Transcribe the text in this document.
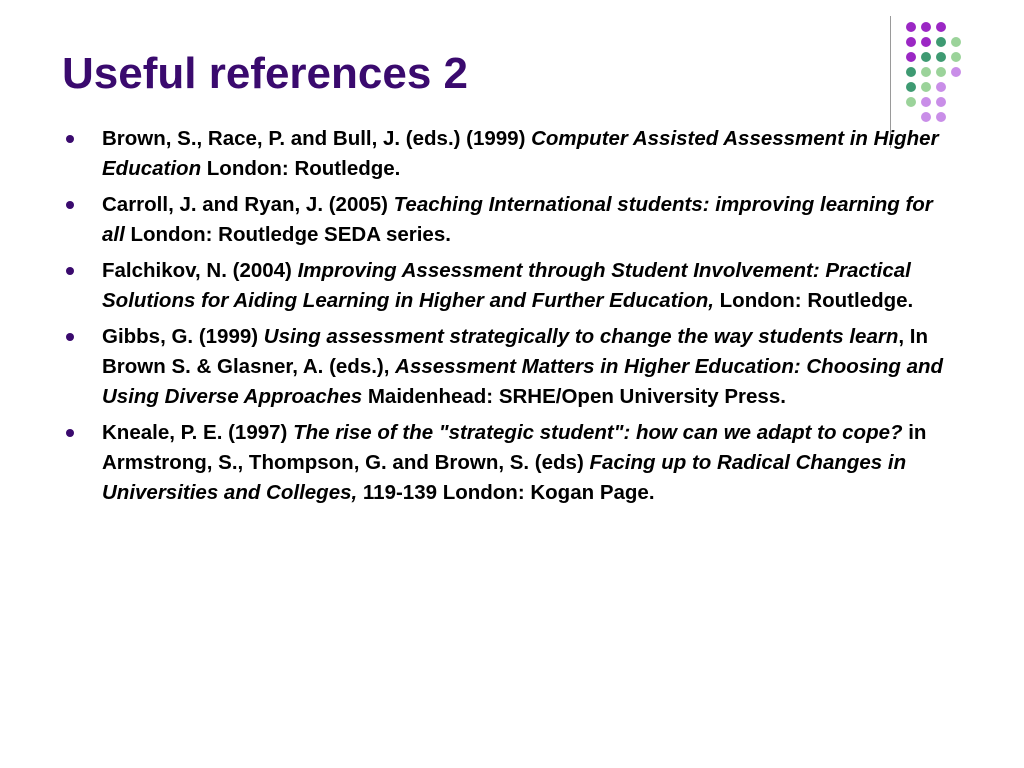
Useful references 2
Brown, S., Race, P. and Bull, J. (eds.) (1999) Computer Assisted Assessment in Higher Education London: Routledge.
Carroll, J. and Ryan, J. (2005) Teaching International students: improving learning for all London: Routledge SEDA series.
Falchikov, N. (2004) Improving Assessment through Student Involvement: Practical Solutions for Aiding Learning in Higher and Further Education, London: Routledge.
Gibbs, G. (1999) Using assessment strategically to change the way students learn, In Brown S. & Glasner, A. (eds.), Assessment Matters in Higher Education: Choosing and Using Diverse Approaches Maidenhead: SRHE/Open University Press.
Kneale, P. E. (1997) The rise of the "strategic student": how can we adapt to cope? in Armstrong, S., Thompson, G. and Brown, S. (eds) Facing up to Radical Changes in Universities and Colleges, 119-139 London: Kogan Page.
